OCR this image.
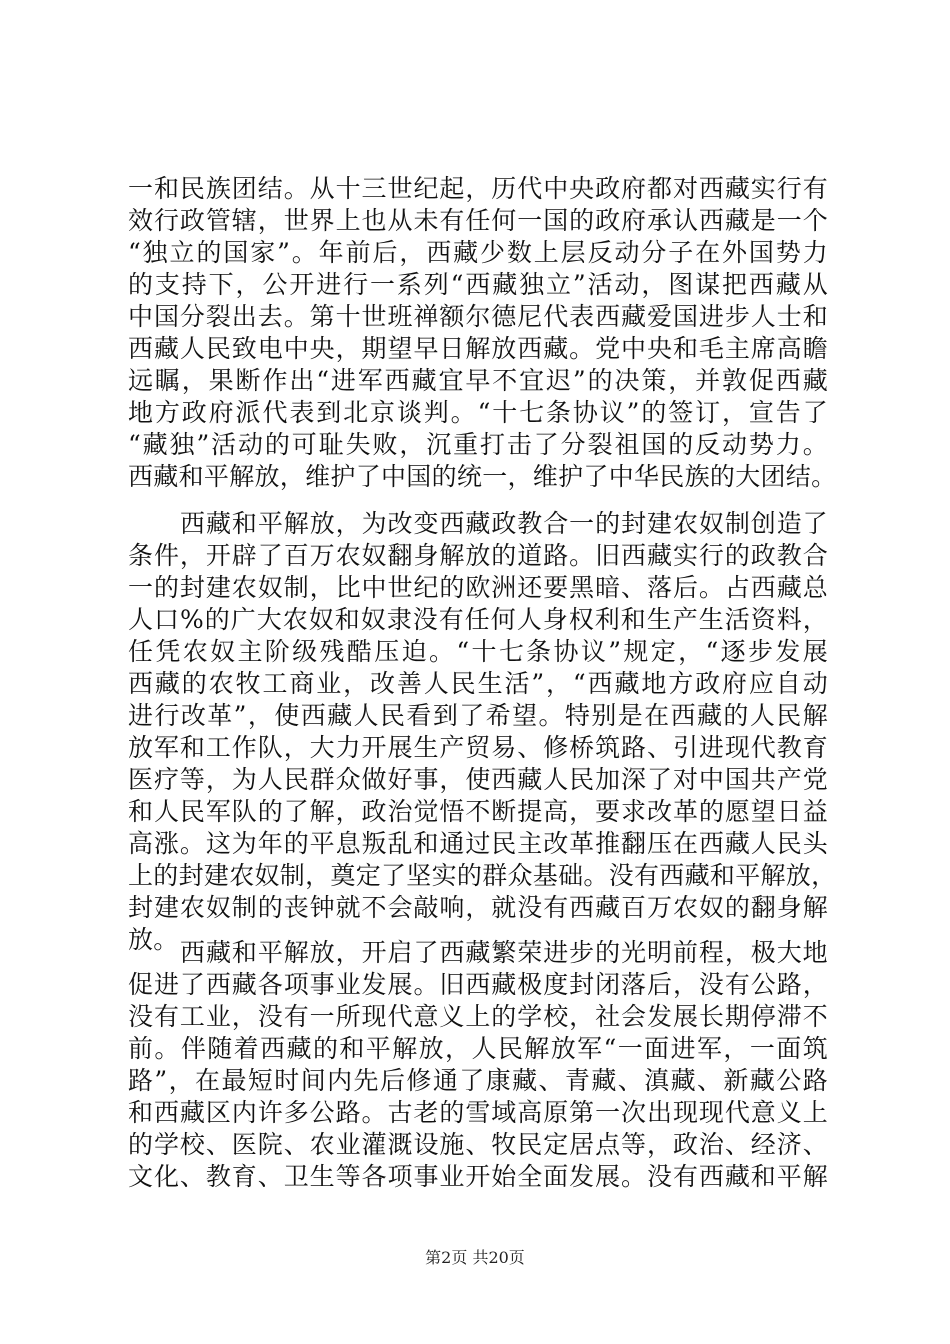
一和民族团结。从十三世纪起，历代中央政府都对西藏实行有
效行政管辖，世界上也从未有任何一国的政府承认西藏是一个
“独立的国家”。年前后，西藏少数上层反动分子在外国势力
的支持下，公开进行一系列“西藏独立”活动，图谋把西藏从
中国分裂出去。第十世班禅额尔德尼代表西藏爱国进步人士和
西藏人民致电中央，期望早日解放西藏。党中央和毛主席高瞻
远瞩，果断作出“进军西藏宜早不宜迟”的决策，并敦促西藏
地方政府派代表到北京谈判。“十七条协议”的签订，宣告了
“藏独”活动的可耻失败，沉重打击了分裂祖国的反动势力。
西藏和平解放，维护了中国的统一，维护了中华民族的大团结。
西藏和平解放，为改变西藏政教合一的封建农奴制创造了
条件，开辟了百万农奴翻身解放的道路。旧西藏实行的政教合
一的封建农奴制，比中世纪的欧洲还要黑暗、落后。占西藏总
人口%的广大农奴和奴隶没有任何人身权利和生产生活资料，
任凭农奴主阶级残酷压迫。“十七条协议”规定，“逐步发展
西藏的农牧工商业，改善人民生活”，“西藏地方政府应自动
进行改革”，使西藏人民看到了希望。特别是在西藏的人民解
放军和工作队，大力开展生产贸易、修桥筑路、引进现代教育
医疗等，为人民群众做好事，使西藏人民加深了对中国共产党
和人民军队的了解，政治觉悟不断提高，要求改革的愿望日益
高涨。这为年的平息叛乱和通过民主改革推翻压在西藏人民头
上的封建农奴制，奠定了坚实的群众基础。没有西藏和平解放，
封建农奴制的丧钟就不会敲响，就没有西藏百万农奴的翻身解
放。 西藏和平解放，开启了西藏繁荣进步的光明前程，极大地
促进了西藏各项事业发展。旧西藏极度封闭落后，没有公路，
没有工业，没有一所现代意义上的学校，社会发展长期停滞不
前。伴随着西藏的和平解放，人民解放军“一面进军，一面筑
路”，在最短时间内先后修通了康藏、青藏、滇藏、新藏公路
和西藏区内许多公路。古老的雪域高原第一次出现现代意义上
的学校、医院、农业灌溉设施、牧民定居点等，政治、经济、
文化、教育、卫生等各项事业开始全面发展。没有西藏和平解
第2页 共20页
